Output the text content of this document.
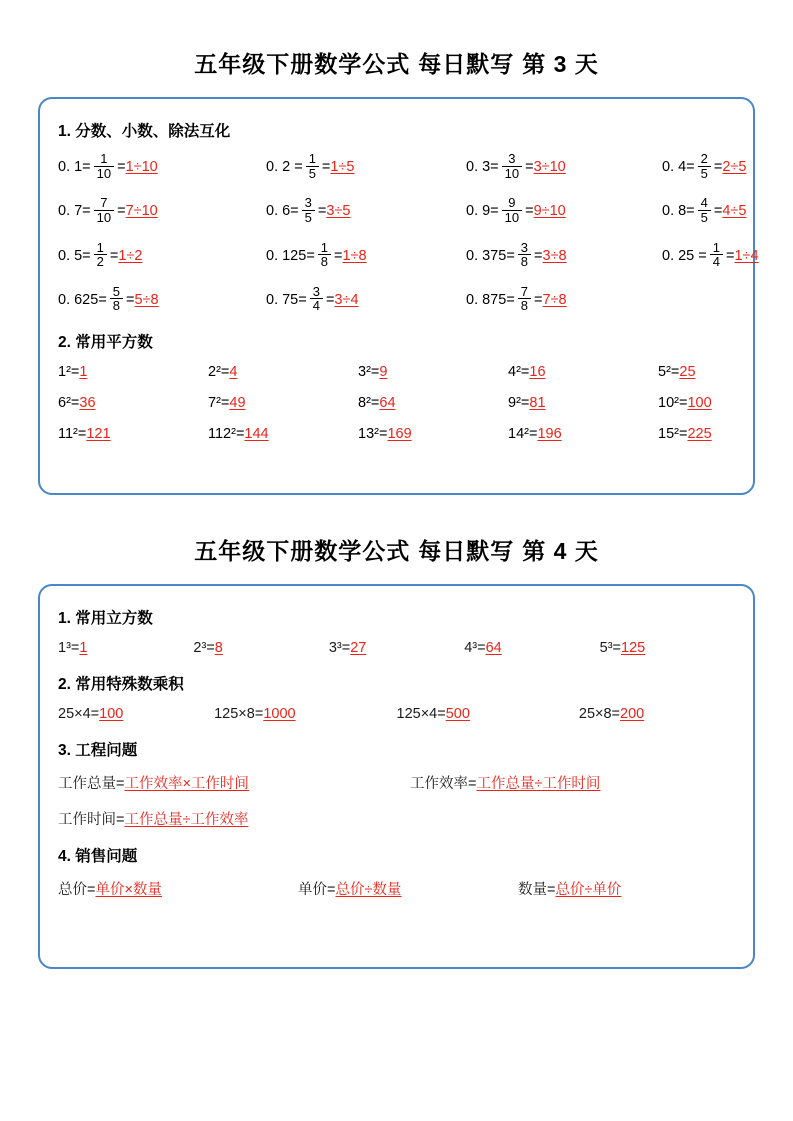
五年级下册数学公式 每日默写 第 3 天
1. 分数、小数、除法互化
0. $1= \frac{1}{10} = 1\div 10$	0. $2 = \frac{1}{5} = 1\div 5$	0. $3= \frac{3}{10} = 3\div 10$	0. $4= \frac{2}{5} = 2\div 5$
0. $7= \frac{7}{10} = 7\div 10$	0. $6= \frac{3}{5} = 3\div 5$	0. $9= \frac{9}{10} = 9\div 10$	0. $8= \frac{4}{5} = 4\div 5$
0. $5= \frac{1}{2} = 1\div 2$	0. $125= \frac{1}{8} = 1\div 8$	0. $375= \frac{3}{8} = 3\div 8$	0. $25 = \frac{1}{4} = 1\div 4$
0. $625= \frac{5}{8} = 5\div 8$	0. $75= \frac{3}{4} = 3\div 4$	0. $875= \frac{7}{8} = 7\div 8$
2. 常用平方数
1²=1	2²=4	3²=9	4²=16	5²=25
6²=36	7²=49	8²=64	9²=81	10²=100
11²=121	112²=144	13²=169	14²=196	15²=225
五年级下册数学公式 每日默写 第 4 天
1. 常用立方数
1³=1	2³=8	3³=27	4³=64	5³=125
2. 常用特殊数乘积
25×4=100	125×8=1000	125×4=500	25×8=200
3. 工程问题
工作总量=工作效率×工作时间	工作效率=工作总量÷工作时间
工作时间=工作总量÷工作效率
4. 销售问题
总价=单价×数量	单价=总价÷数量	数量=总价÷单价
